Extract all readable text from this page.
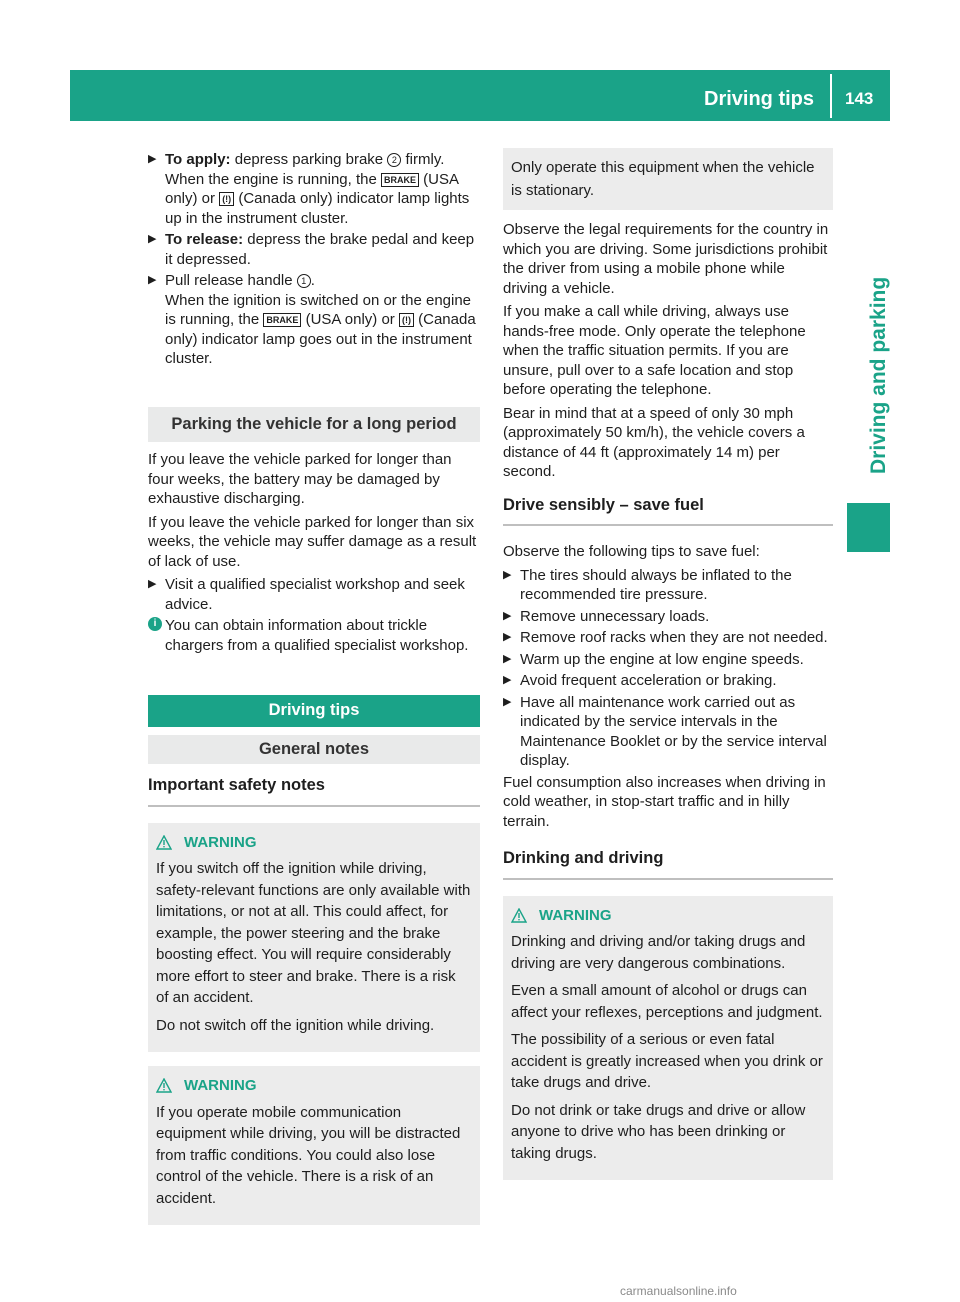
Driving tips 143
Driving and parking
▶ To apply: depress parking brake 2 firmly.
When the engine is running, the BRAKE (USA only) or (!) (Canada only) indicator lamp lights up in the instrument cluster.
▶ To release: depress the brake pedal and keep it depressed.
▶ Pull release handle 1 .
When the ignition is switched on or the engine is running, the BRAKE (USA only) or (!) (Canada only) indicator lamp goes out in the instrument cluster.
Parking the vehicle for a long period

If you leave the vehicle parked for longer than four weeks, the battery may be damaged by exhaustive discharging.

If you leave the vehicle parked for longer than six weeks, the vehicle may suffer damage as a result of lack of use.

▶ Visit a qualified specialist workshop and seek advice.
i You can obtain information about trickle chargers from a qualified specialist workshop.
Driving tips
General notes
Important safety notes
WARNING

If you switch off the ignition while driving, safety-relevant functions are only available with limitations, or not at all. This could affect, for example, the power steering and the brake boosting effect. You will require considerably more effort to steer and brake. There is a risk of an accident.

Do not switch off the ignition while driving.

WARNING

If you operate mobile communication equipment while driving, you will be distracted from traffic conditions. You could also lose control of the vehicle. There is a risk of an accident.

Only operate this equipment when the vehicle is stationary.

Observe the legal requirements for the country in which you are driving. Some jurisdictions prohibit the driver from using a mobile phone while driving a vehicle.

If you make a call while driving, always use hands-free mode. Only operate the telephone when the traffic situation permits. If you are unsure, pull over to a safe location and stop before operating the telephone.

Bear in mind that at a speed of only 30 mph (approximately 50 km/h), the vehicle covers a distance of 44 ft (approximately 14 m) per second.

Drive sensibly – save fuel

Observe the following tips to save fuel:

▶ The tires should always be inflated to the recommended tire pressure.
▶ Remove unnecessary loads.
▶ Remove roof racks when they are not needed.
▶ Warm up the engine at low engine speeds.
▶ Avoid frequent acceleration or braking.
▶ Have all maintenance work carried out as indicated by the service intervals in the Maintenance Booklet or by the service interval display.

Fuel consumption also increases when driving in cold weather, in stop-start traffic and in hilly terrain.

Drinking and driving
WARNING

Drinking and driving and/or taking drugs and driving are very dangerous combinations.

Even a small amount of alcohol or drugs can affect your reflexes, perceptions and judgment.

The possibility of a serious or even fatal accident is greatly increased when you drink or take drugs and drive.

Do not drink or take drugs and drive or allow anyone to drive who has been drinking or taking drugs.

carmanualsonline.info
